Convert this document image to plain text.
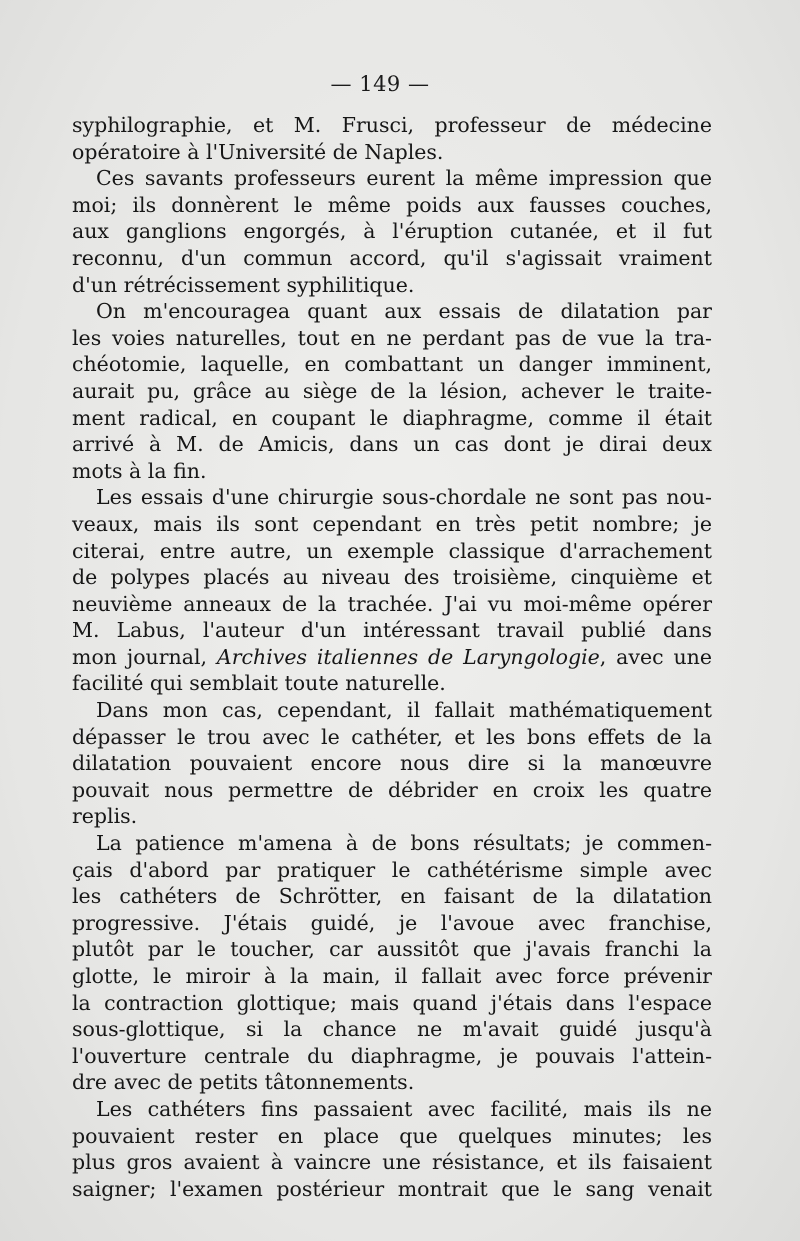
— 149 —

syphilographie, et M. Frusci, professeur de médecine
opératoire à l'Université de Naples.

Ces savants professeurs eurent la même impression que
moi; ils donnèrent le même poids aux fausses couches,
aux ganglions engorgés, à l'éruption cutanée, et il fut
reconnu, d'un commun accord, qu'il s'agissait vraiment
d'un rétrécissement syphilitique.

On m'encouragea quant aux essais de dilatation par
les voies naturelles, tout en ne perdant pas de vue la tra-
chéotomie, laquelle, en combattant un danger imminent,
aurait pu, grâce au siège de la lésion, achever le traite-
ment radical, en coupant le diaphragme, comme il était
arrivé à M. de Amicis, dans un cas dont je dirai deux
mots à la fin.

Les essais d'une chirurgie sous-chordale ne sont pas nou-
veaux, mais ils sont cependant en très petit nombre; je
citerai, entre autre, un exemple classique d'arrachement
de polypes placés au niveau des troisième, cinquième et
neuvième anneaux de la trachée. J'ai vu moi-même opérer
M. Labus, l'auteur d'un intéressant travail publié dans
mon journal, Archives italiennes de Laryngologie, avec une
facilité qui semblait toute naturelle.

Dans mon cas, cependant, il fallait mathématiquement
dépasser le trou avec le cathéter, et les bons effets de la
dilatation pouvaient encore nous dire si la manœuvre
pouvait nous permettre de débrider en croix les quatre
replis.

La patience m'amena à de bons résultats; je commen-
çais d'abord par pratiquer le cathétérisme simple avec
les cathéters de Schrötter, en faisant de la dilatation
progressive. J'étais guidé, je l'avoue avec franchise,
plutôt par le toucher, car aussitôt que j'avais franchi la
glotte, le miroir à la main, il fallait avec force prévenir
la contraction glottique; mais quand j'étais dans l'espace
sous-glottique, si la chance ne m'avait guidé jusqu'à
l'ouverture centrale du diaphragme, je pouvais l'attein-
dre avec de petits tâtonnements.

Les cathéters fins passaient avec facilité, mais ils ne
pouvaient rester en place que quelques minutes; les
plus gros avaient à vaincre une résistance, et ils faisaient
saigner; l'examen postérieur montrait que le sang venait
